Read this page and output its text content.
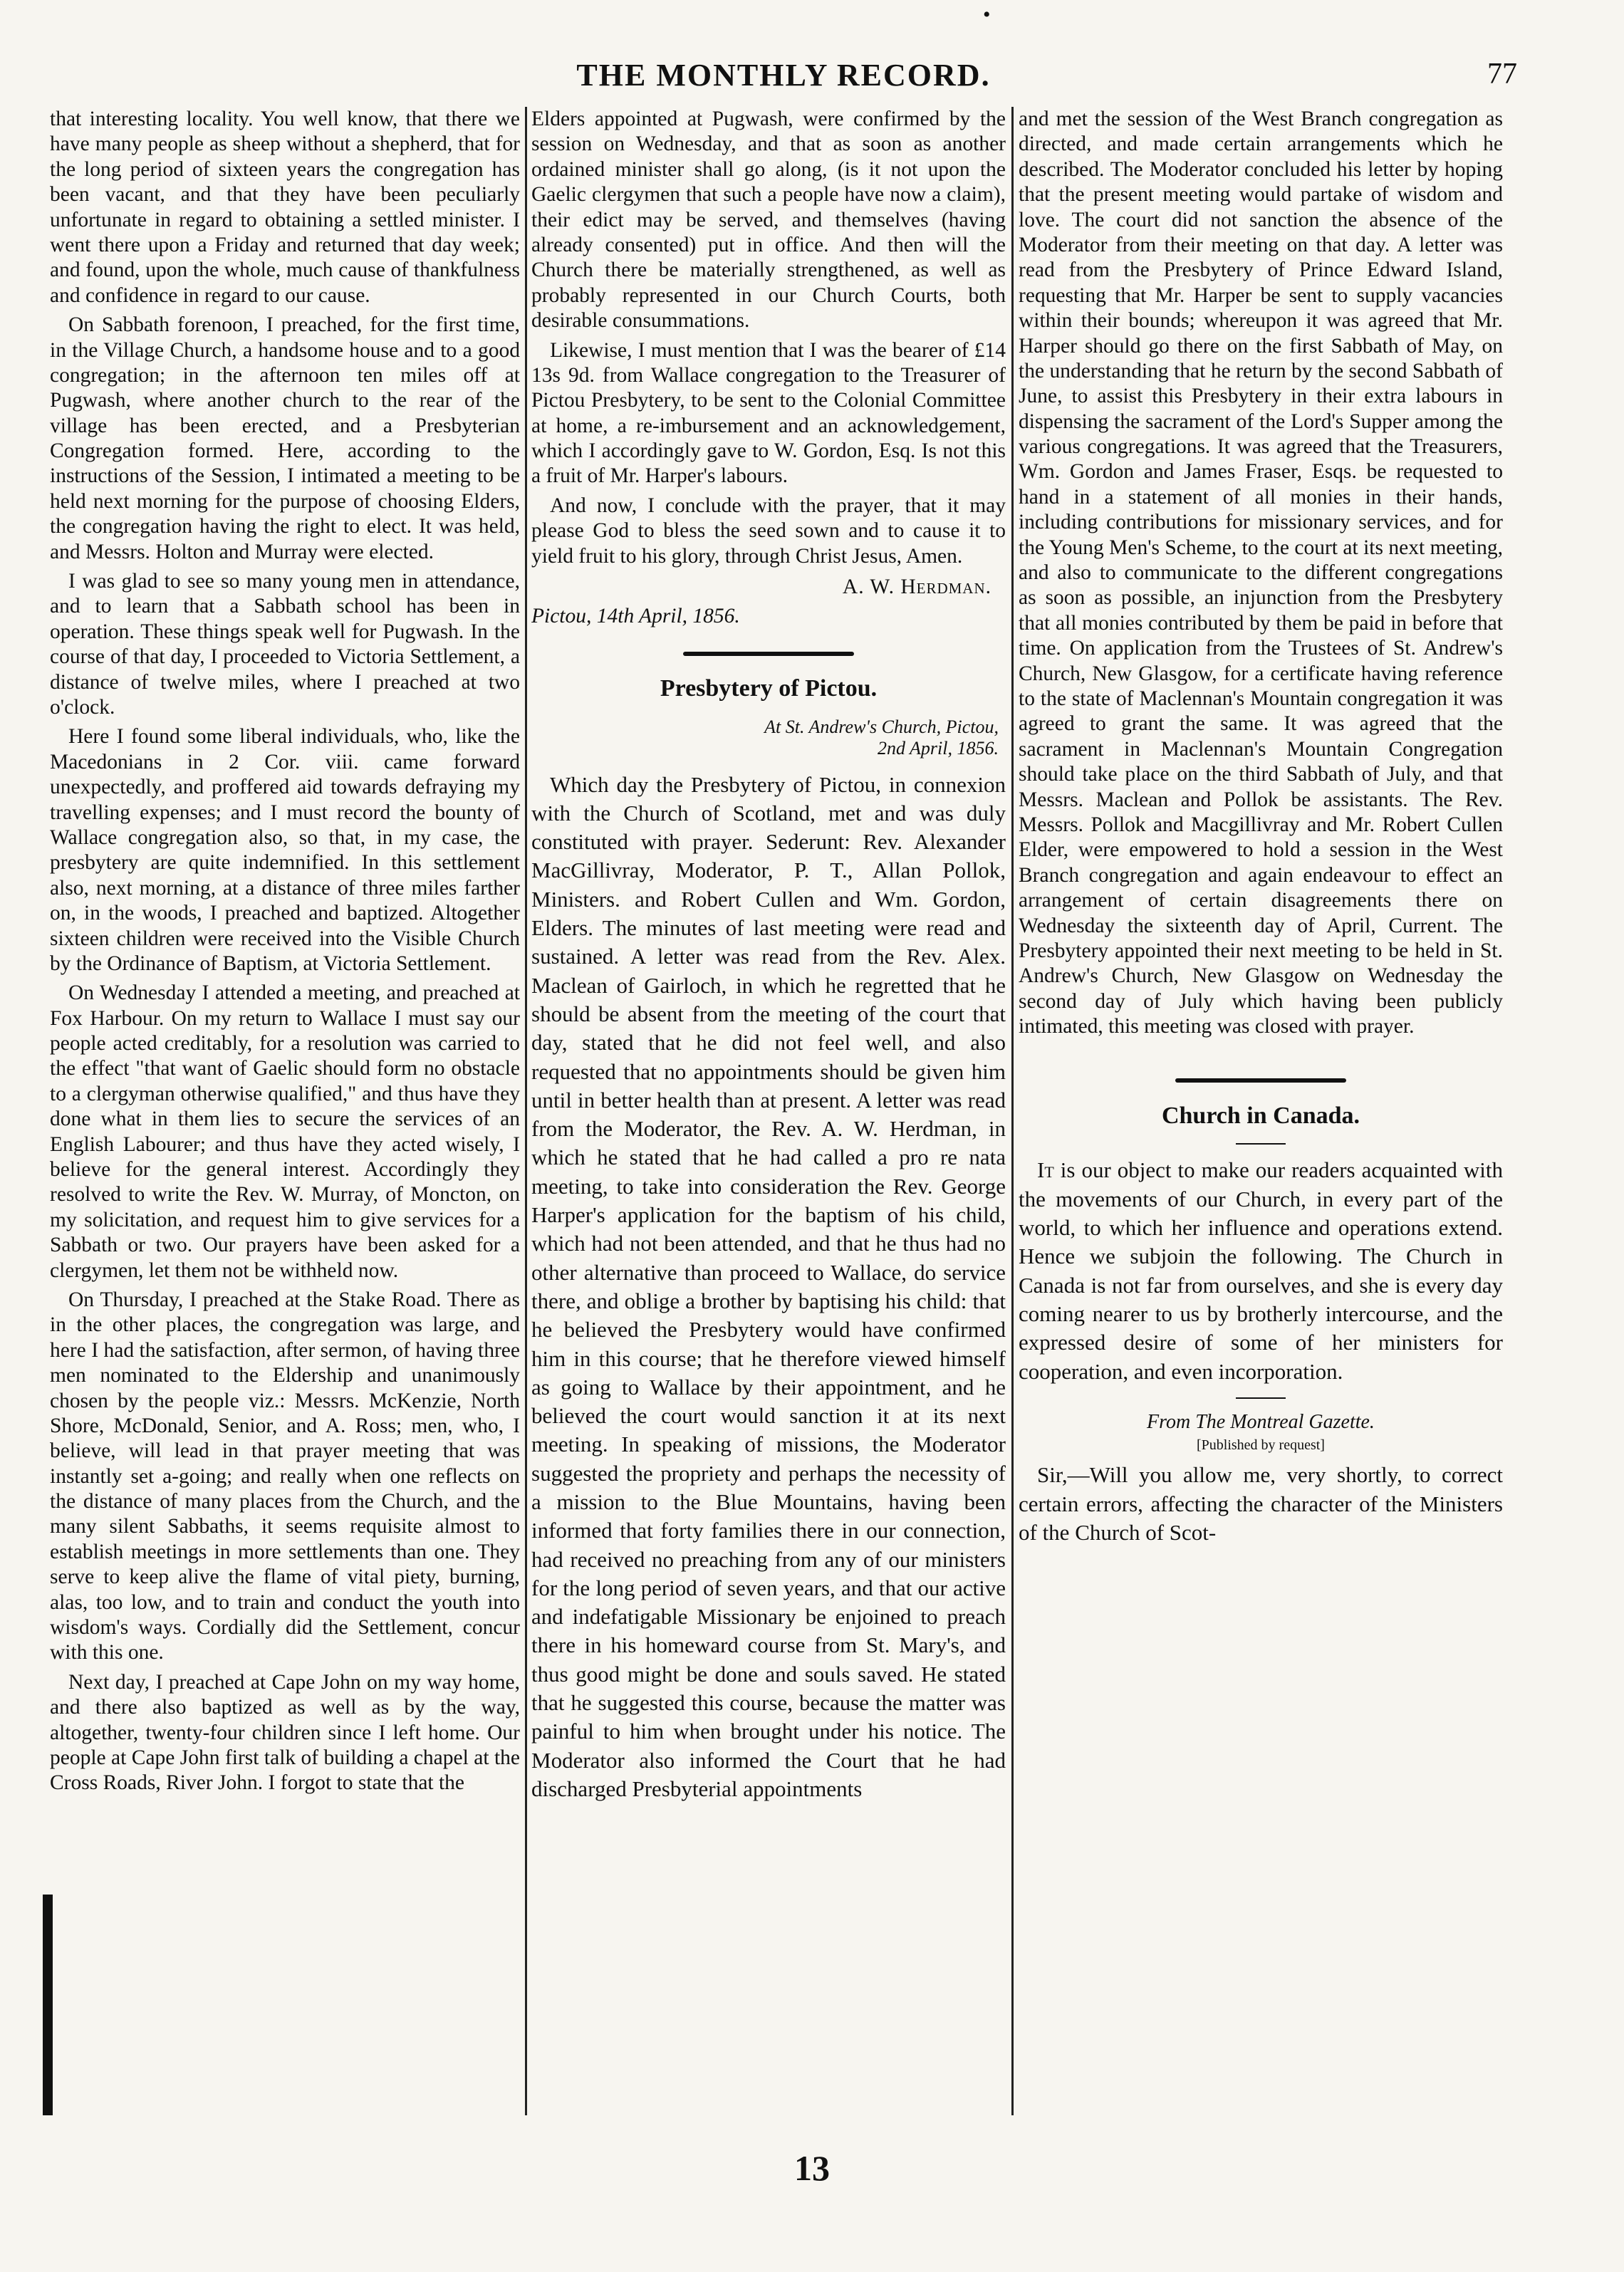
•
THE MONTHLY RECORD.	77

that interesting locality. You well know, that there we have many people as sheep without a shepherd, that for the long period of sixteen years the congregation has been vacant, and that they have been peculiarly unfortunate in regard to obtaining a settled minister. I went there upon a Friday and returned that day week; and found, upon the whole, much cause of thankfulness and confidence in regard to our cause.

On Sabbath forenoon, I preached, for the first time, in the Village Church, a handsome house and to a good congregation; in the afternoon ten miles off at Pugwash, where another church to the rear of the village has been erected, and a Presbyterian Congregation formed. Here, according to the instructions of the Session, I intimated a meeting to be held next morning for the purpose of choosing Elders, the congregation having the right to elect. It was held, and Messrs. Holton and Murray were elected.

I was glad to see so many young men in attendance, and to learn that a Sabbath school has been in operation. These things speak well for Pugwash. In the course of that day, I proceeded to Victoria Settlement, a distance of twelve miles, where I preached at two o'clock.

Here I found some liberal individuals, who, like the Macedonians in 2 Cor. viii. came forward unexpectedly, and proffered aid towards defraying my travelling expenses; and I must record the bounty of Wallace congregation also, so that, in my case, the presbytery are quite indemnified. In this settlement also, next morning, at a distance of three miles farther on, in the woods, I preached and baptized. Altogether sixteen children were received into the Visible Church by the Ordinance of Baptism, at Victoria Settlement.

On Wednesday I attended a meeting, and preached at Fox Harbour. On my return to Wallace I must say our people acted creditably, for a resolution was carried to the effect "that want of Gaelic should form no obstacle to a clergyman otherwise qualified," and thus have they done what in them lies to secure the services of an English Labourer; and thus have they acted wisely, I believe for the general interest. Accordingly they resolved to write the Rev. W. Murray, of Moncton, on my solicitation, and request him to give services for a Sabbath or two. Our prayers have been asked for a clergymen, let them not be withheld now.

On Thursday, I preached at the Stake Road. There as in the other places, the congregation was large, and here I had the satisfaction, after sermon, of having three men nominated to the Eldership and unanimously chosen by the people viz.: Messrs. McKenzie, North Shore, McDonald, Senior, and A. Ross; men, who, I believe, will lead in that prayer meeting that was instantly set a-going; and really when one reflects on the distance of many places from the Church, and the many silent Sabbaths, it seems requisite almost to establish meetings in more settlements than one. They serve to keep alive the flame of vital piety, burning, alas, too low, and to train and conduct the youth into wisdom's ways. Cordially did the Settlement, concur with this one.

Next day, I preached at Cape John on my way home, and there also baptized as well as by the way, altogether, twenty-four children since I left home. Our people at Cape John first talk of building a chapel at the Cross Roads, River John. I forgot to state that the

Elders appointed at Pugwash, were confirmed by the session on Wednesday, and that as soon as another ordained minister shall go along, (is it not upon the Gaelic clergymen that such a people have now a claim), their edict may be served, and themselves (having already consented) put in office. And then will the Church there be materially strengthened, as well as probably represented in our Church Courts, both desirable consummations.

Likewise, I must mention that I was the bearer of £14 13s 9d. from Wallace congregation to the Treasurer of Pictou Presbytery, to be sent to the Colonial Committee at home, a re-imbursement and an acknowledgement, which I accordingly gave to W. Gordon, Esq. Is not this a fruit of Mr. Harper's labours.

And now, I conclude with the prayer, that it may please God to bless the seed sown and to cause it to yield fruit to his glory, through Christ Jesus, Amen.

A. W. Herdman.
Pictou, 14th April, 1856.
Presbytery of Pictou.
At St. Andrew's Church, Pictou,
2nd April, 1856.

Which day the Presbytery of Pictou, in connexion with the Church of Scotland, met and was duly constituted with prayer. Sederunt: Rev. Alexander MacGillivray, Moderator, P. T., Allan Pollok, Ministers. and Robert Cullen and Wm. Gordon, Elders. The minutes of last meeting were read and sustained. A letter was read from the Rev. Alex. Maclean of Gairloch, in which he regretted that he should be absent from the meeting of the court that day, stated that he did not feel well, and also requested that no appointments should be given him until in better health than at present. A letter was read from the Moderator, the Rev. A. W. Herdman, in which he stated that he had called a pro re nata meeting, to take into consideration the Rev. George Harper's application for the baptism of his child, which had not been attended, and that he thus had no other alternative than proceed to Wallace, do service there, and oblige a brother by baptising his child: that he believed the Presbytery would have confirmed him in this course; that he therefore viewed himself as going to Wallace by their appointment, and he believed the court would sanction it at its next meeting. In speaking of missions, the Moderator suggested the propriety and perhaps the necessity of a mission to the Blue Mountains, having been informed that forty families there in our connection, had received no preaching from any of our ministers for the long period of seven years, and that our active and indefatigable Missionary be enjoined to preach there in his homeward course from St. Mary's, and thus good might be done and souls saved. He stated that he suggested this course, because the matter was painful to him when brought under his notice. The Moderator also informed the Court that he had discharged Presbyterial appointments

and met the session of the West Branch congregation as directed, and made certain arrangements which he described. The Moderator concluded his letter by hoping that the present meeting would partake of wisdom and love. The court did not sanction the absence of the Moderator from their meeting on that day. A letter was read from the Presbytery of Prince Edward Island, requesting that Mr. Harper be sent to supply vacancies within their bounds; whereupon it was agreed that Mr. Harper should go there on the first Sabbath of May, on the understanding that he return by the second Sabbath of June, to assist this Presbytery in their extra labours in dispensing the sacrament of the Lord's Supper among the various congregations. It was agreed that the Treasurers, Wm. Gordon and James Fraser, Esqs. be requested to hand in a statement of all monies in their hands, including contributions for missionary services, and for the Young Men's Scheme, to the court at its next meeting, and also to communicate to the different congregations as soon as possible, an injunction from the Presbytery that all monies contributed by them be paid in before that time. On application from the Trustees of St. Andrew's Church, New Glasgow, for a certificate having reference to the state of Maclennan's Mountain congregation it was agreed to grant the same. It was agreed that the sacrament in Maclennan's Mountain Congregation should take place on the third Sabbath of July, and that Messrs. Maclean and Pollok be assistants. The Rev. Messrs. Pollok and Macgillivray and Mr. Robert Cullen Elder, were empowered to hold a session in the West Branch congregation and again endeavour to effect an arrangement of certain disagreements there on Wednesday the sixteenth day of April, Current. The Presbytery appointed their next meeting to be held in St. Andrew's Church, New Glasgow on Wednesday the second day of July which having been publicly intimated, this meeting was closed with prayer.

Church in Canada.

It is our object to make our readers acquainted with the movements of our Church, in every part of the world, to which her influence and operations extend. Hence we subjoin the following. The Church in Canada is not far from ourselves, and she is every day coming nearer to us by brotherly intercourse, and the expressed desire of some of her ministers for cooperation, and even incorporation.

From The Montreal Gazette.
[Published by request]

Sir,—Will you allow me, very shortly, to correct certain errors, affecting the character of the Ministers of the Church of Scot-

13
